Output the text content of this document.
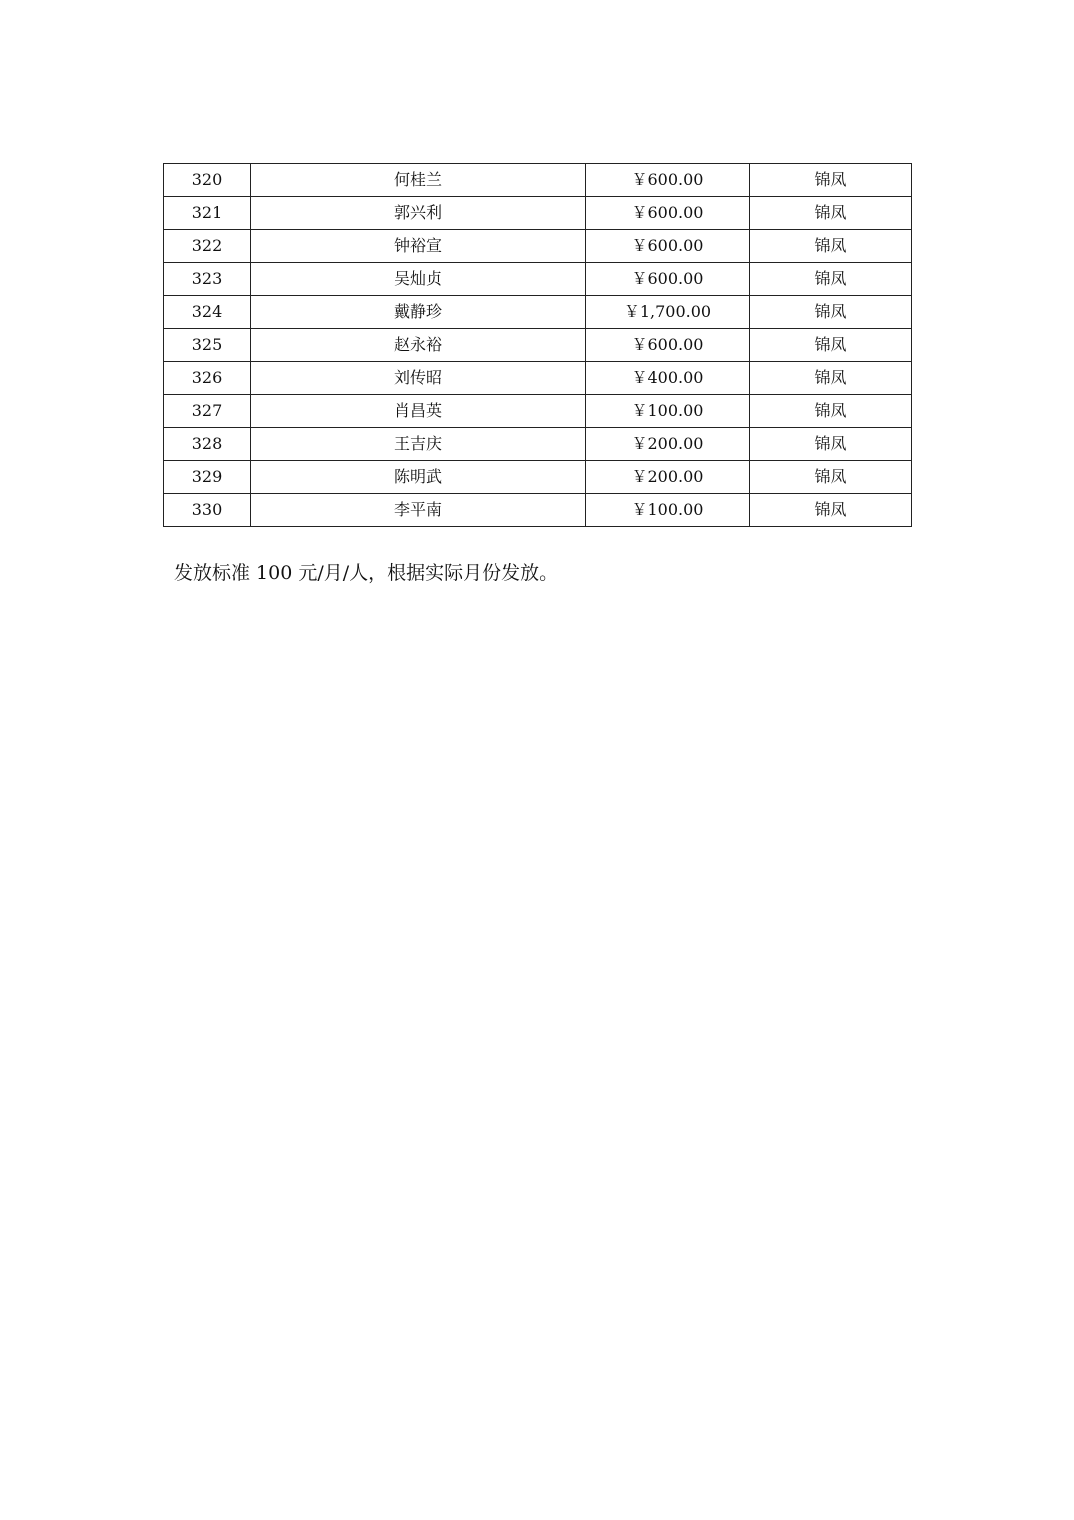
320	何桂兰	￥600.00	锦凤
321	郭兴利	￥600.00	锦凤
322	钟裕宣	￥600.00	锦凤
323	吴灿贞	￥600.00	锦凤
324	戴静珍	￥1,700.00	锦凤
325	赵永裕	￥600.00	锦凤
326	刘传昭	￥400.00	锦凤
327	肖昌英	￥100.00	锦凤
328	王吉庆	￥200.00	锦凤
329	陈明武	￥200.00	锦凤
330	李平南	￥100.00	锦凤
发放标准 100 元/月/人，根据实际月份发放。
